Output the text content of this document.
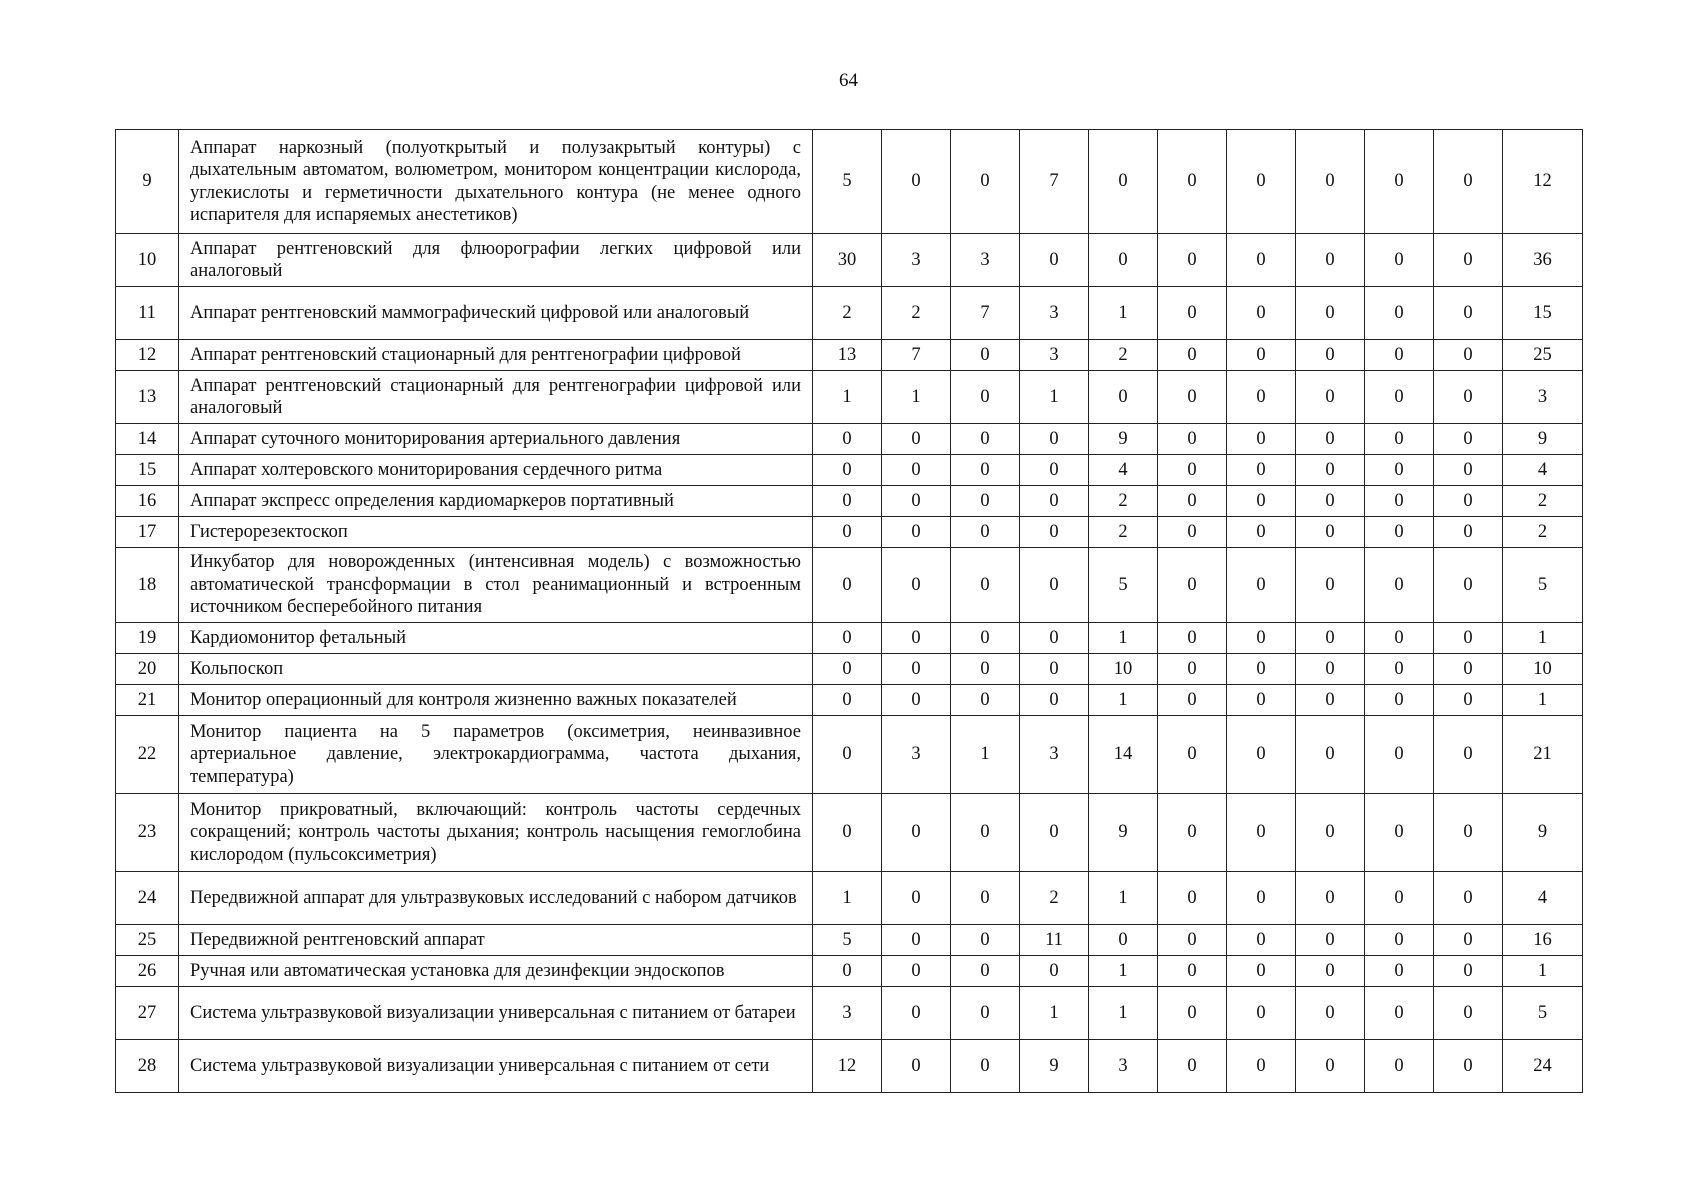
64
9	Аппарат наркозный (полуоткрытый и полузакрытый контуры) с дыхательным автоматом, волюметром, монитором концентрации кислорода, углекислоты и герметичности дыхательного контура (не менее одного испарителя для испаряемых анестетиков)	5	0	0	7	0	0	0	0	0	0	12
10	Аппарат рентгеновский для флюорографии легких цифровой или аналоговый	30	3	3	0	0	0	0	0	0	0	36
11	Аппарат рентгеновский маммографический цифровой или аналоговый	2	2	7	3	1	0	0	0	0	0	15
12	Аппарат рентгеновский стационарный для рентгенографии цифровой	13	7	0	3	2	0	0	0	0	0	25
13	Аппарат рентгеновский стационарный для рентгенографии цифровой или аналоговый	1	1	0	1	0	0	0	0	0	0	3
14	Аппарат суточного мониторирования артериального давления	0	0	0	0	9	0	0	0	0	0	9
15	Аппарат холтеровского мониторирования сердечного ритма	0	0	0	0	4	0	0	0	0	0	4
16	Аппарат экспресс определения кардиомаркеров портативный	0	0	0	0	2	0	0	0	0	0	2
17	Гистерорезектоскоп	0	0	0	0	2	0	0	0	0	0	2
18	Инкубатор для новорожденных (интенсивная модель) с возможностью автоматической трансформации в стол реанимационный и встроенным источником бесперебойного питания	0	0	0	0	5	0	0	0	0	0	5
19	Кардиомонитор фетальный	0	0	0	0	1	0	0	0	0	0	1
20	Кольпоскоп	0	0	0	0	10	0	0	0	0	0	10
21	Монитор операционный для контроля жизненно важных показателей	0	0	0	0	1	0	0	0	0	0	1
22	Монитор пациента на 5 параметров (оксиметрия, неинвазивное артериальное давление, электрокардиограмма, частота дыхания, температура)	0	3	1	3	14	0	0	0	0	0	21
23	Монитор прикроватный, включающий: контроль частоты сердечных сокращений; контроль частоты дыхания; контроль насыщения гемоглобина кислородом (пульсоксиметрия)	0	0	0	0	9	0	0	0	0	0	9
24	Передвижной аппарат для ультразвуковых исследований с набором датчиков	1	0	0	2	1	0	0	0	0	0	4
25	Передвижной рентгеновский аппарат	5	0	0	11	0	0	0	0	0	0	16
26	Ручная или автоматическая установка для дезинфекции эндоскопов	0	0	0	0	1	0	0	0	0	0	1
27	Система ультразвуковой визуализации универсальная с питанием от батареи	3	0	0	1	1	0	0	0	0	0	5
28	Система ультразвуковой визуализации универсальная с питанием от сети	12	0	0	9	3	0	0	0	0	0	24
